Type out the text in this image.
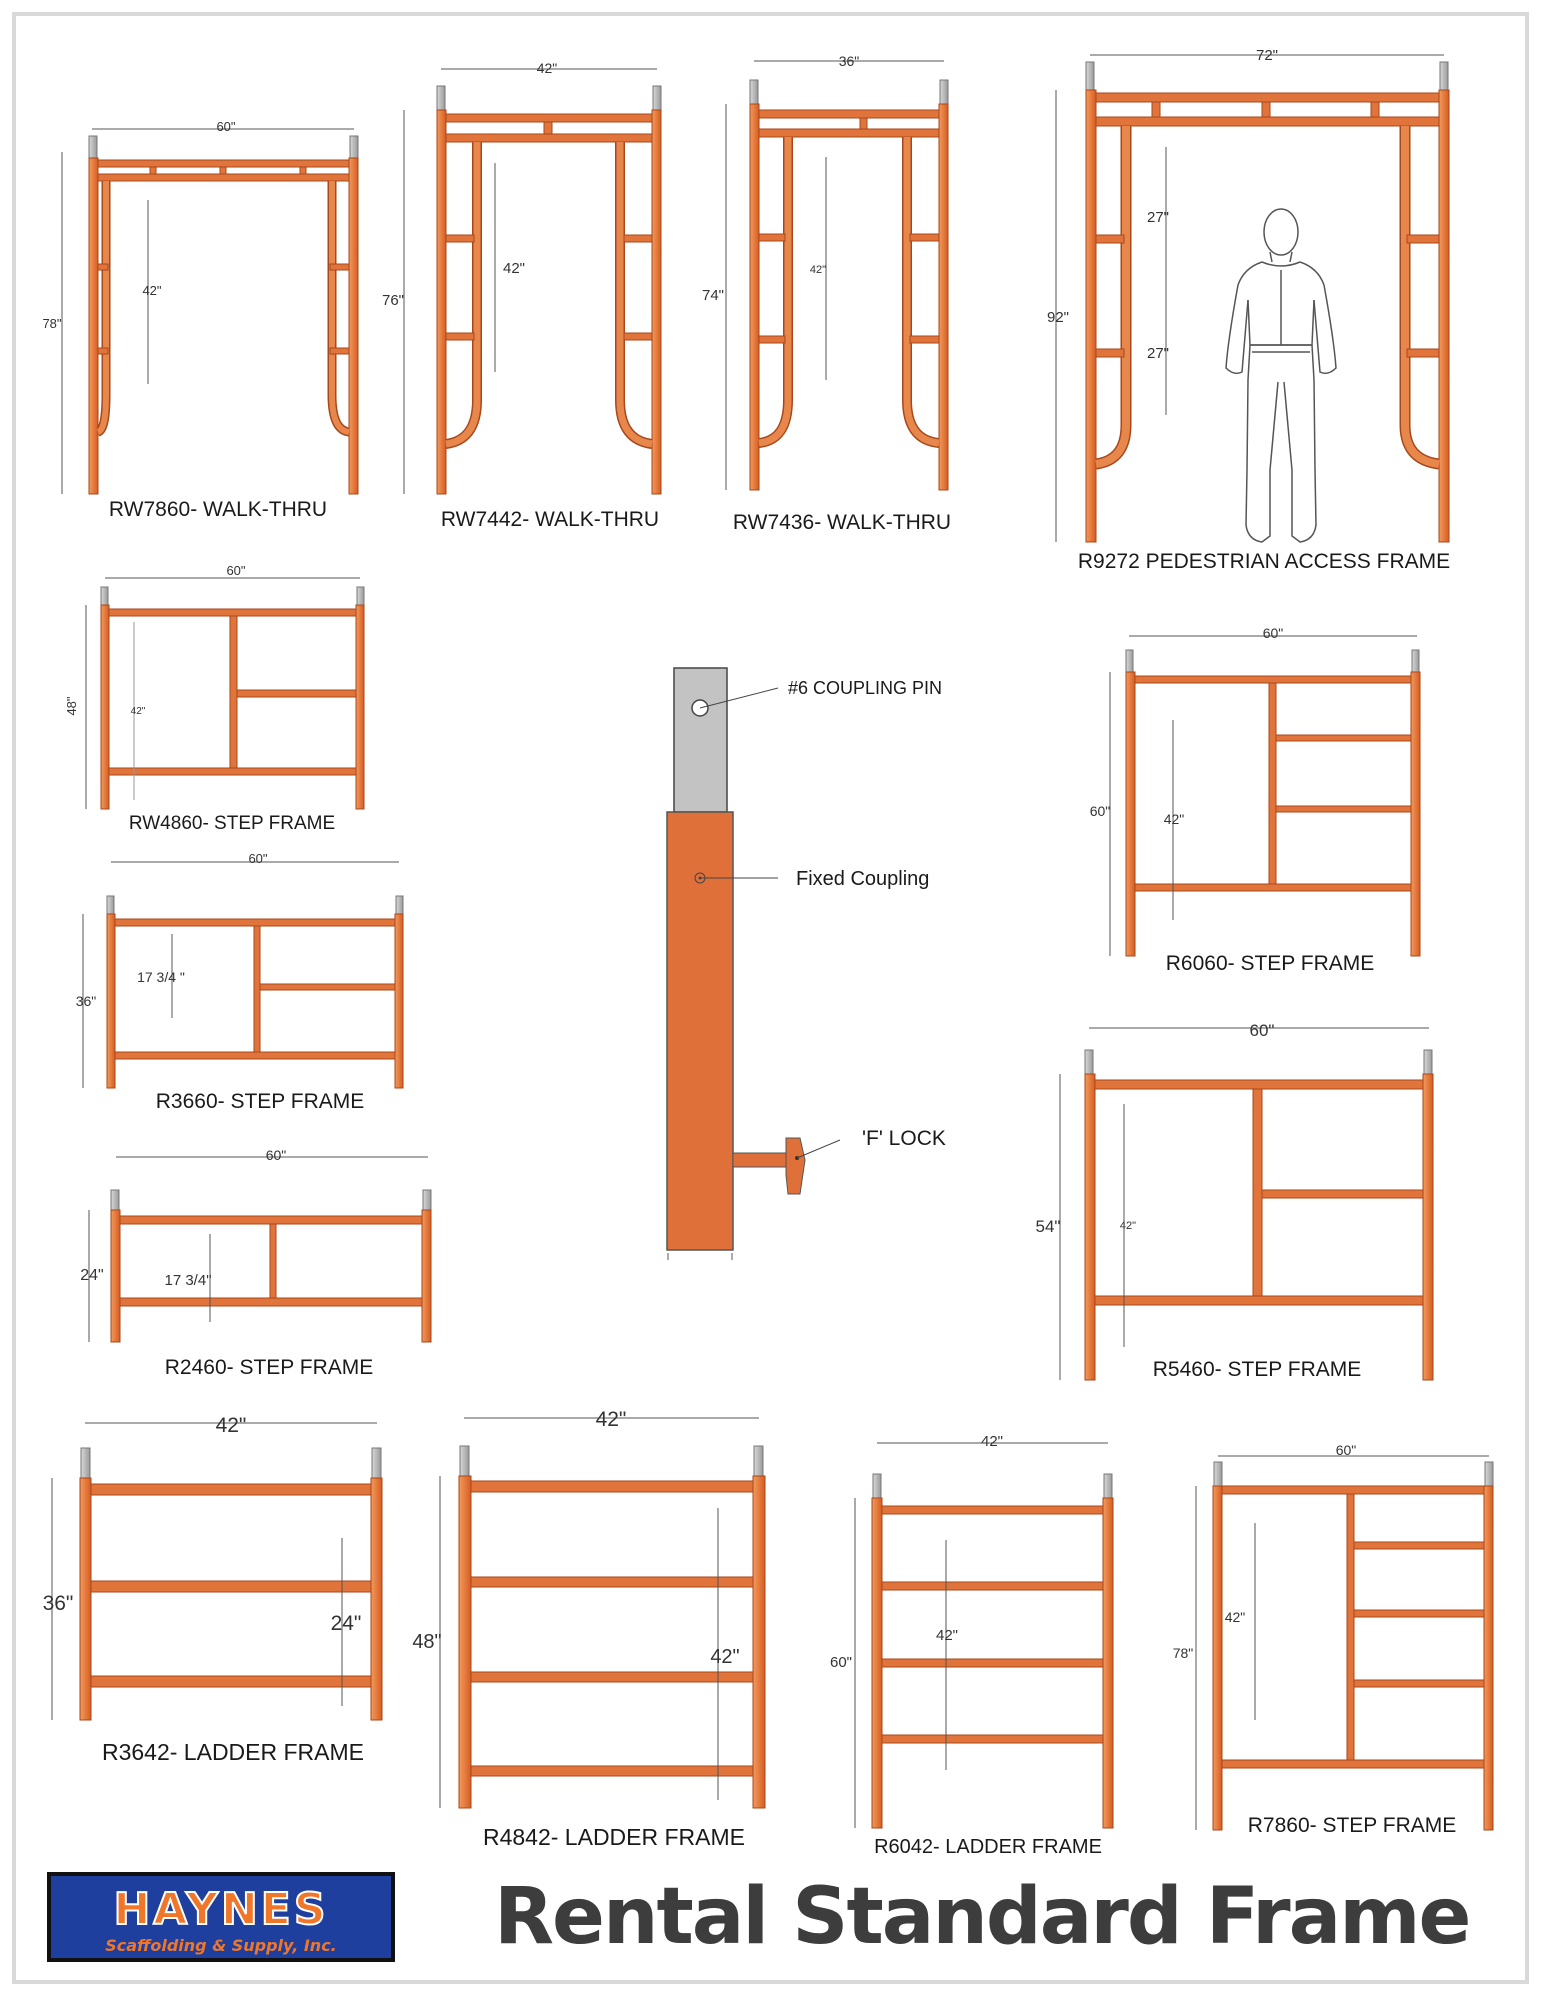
60"
78"
42"
RW7860- WALK-THRU
42"
76"
42"
RW7442- WALK-THRU
36"
74"
42"
RW7436- WALK-THRU
72"
92"
27"
27"
R9272 PEDESTRIAN ACCESS FRAME
60"
48"	42"
RW4860- STEP FRAME
60"
36"
17 3/4 "
R3660- STEP FRAME
60"
24"	17 3/4"
R2460- STEP FRAME
60"
60"	42"
R6060- STEP FRAME
60"
54"	42"
R5460- STEP FRAME
42"
36"
24"
R3642- LADDER FRAME
42"
48"
42"
R4842- LADDER FRAME
42"
60"
42"
R6042- LADDER FRAME
60"
78"
42"
R7860- STEP FRAME
#6 COUPLING PIN
Fixed Coupling
'F' LOCK
HAYNES
Scaffolding & Supply, Inc.	Rental Standard Frame
